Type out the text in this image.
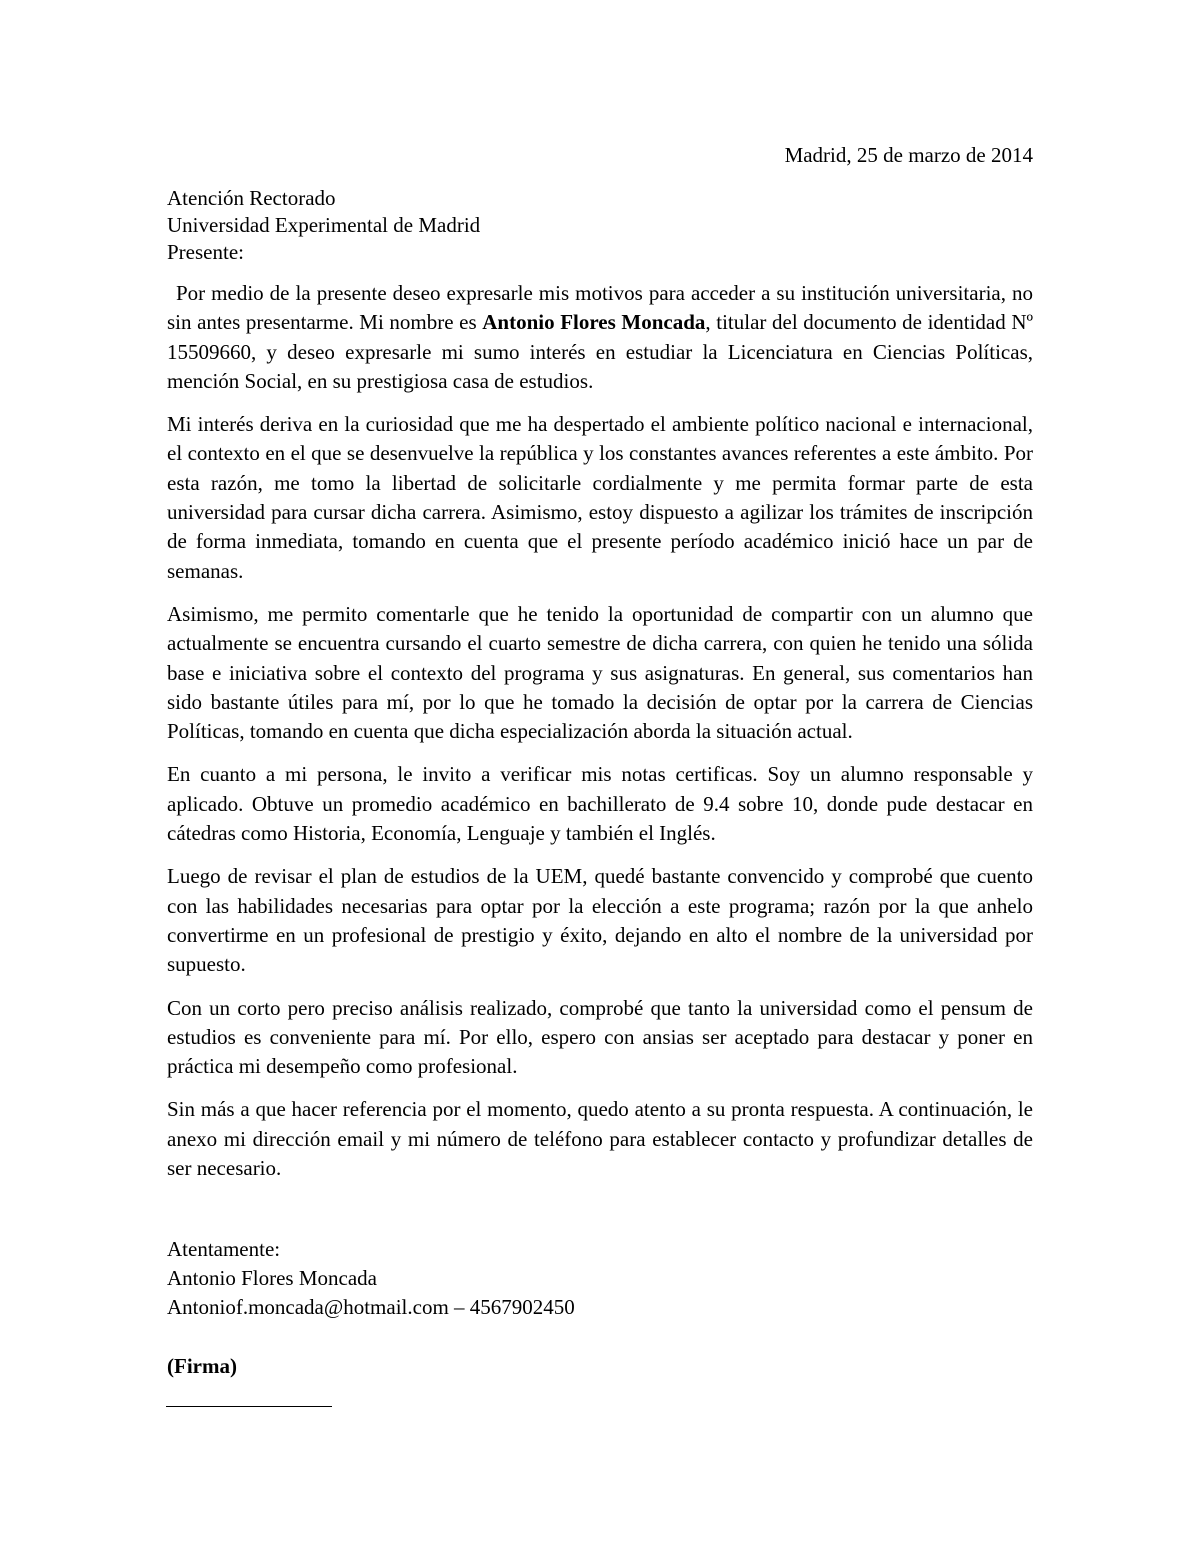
Madrid, 25 de marzo de 2014
Atención Rectorado
Universidad Experimental de Madrid
Presente:

Por medio de la presente deseo expresarle mis motivos para acceder a su institución universitaria, no sin antes presentarme. Mi nombre es Antonio Flores Moncada, titular del documento de identidad Nº 15509660, y deseo expresarle mi sumo interés en estudiar la Licenciatura en Ciencias Políticas, mención Social, en su prestigiosa casa de estudios.

Mi interés deriva en la curiosidad que me ha despertado el ambiente político nacional e internacional, el contexto en el que se desenvuelve la república y los constantes avances referentes a este ámbito. Por esta razón, me tomo la libertad de solicitarle cordialmente y me permita formar parte de esta universidad para cursar dicha carrera. Asimismo, estoy dispuesto a agilizar los trámites de inscripción de forma inmediata, tomando en cuenta que el presente período académico inició hace un par de semanas.

Asimismo, me permito comentarle que he tenido la oportunidad de compartir con un alumno que actualmente se encuentra cursando el cuarto semestre de dicha carrera, con quien he tenido una sólida base e iniciativa sobre el contexto del programa y sus asignaturas. En general, sus comentarios han sido bastante útiles para mí, por lo que he tomado la decisión de optar por la carrera de Ciencias Políticas, tomando en cuenta que dicha especialización aborda la situación actual.

En cuanto a mi persona, le invito a verificar mis notas certificas. Soy un alumno responsable y aplicado. Obtuve un promedio académico en bachillerato de 9.4 sobre 10, donde pude destacar en cátedras como Historia, Economía, Lenguaje y también el Inglés.

Luego de revisar el plan de estudios de la UEM, quedé bastante convencido y comprobé que cuento con las habilidades necesarias para optar por la elección a este programa; razón por la que anhelo convertirme en un profesional de prestigio y éxito, dejando en alto el nombre de la universidad por supuesto.

Con un corto pero preciso análisis realizado, comprobé que tanto la universidad como el pensum de estudios es conveniente para mí. Por ello, espero con ansias ser aceptado para destacar y poner en práctica mi desempeño como profesional.

Sin más a que hacer referencia por el momento, quedo atento a su pronta respuesta. A continuación, le anexo mi dirección email y mi número de teléfono para establecer contacto y profundizar detalles de ser necesario.

Atentamente:
Antonio Flores Moncada
Antoniof.moncada@hotmail.com – 4567902450
(Firma)
